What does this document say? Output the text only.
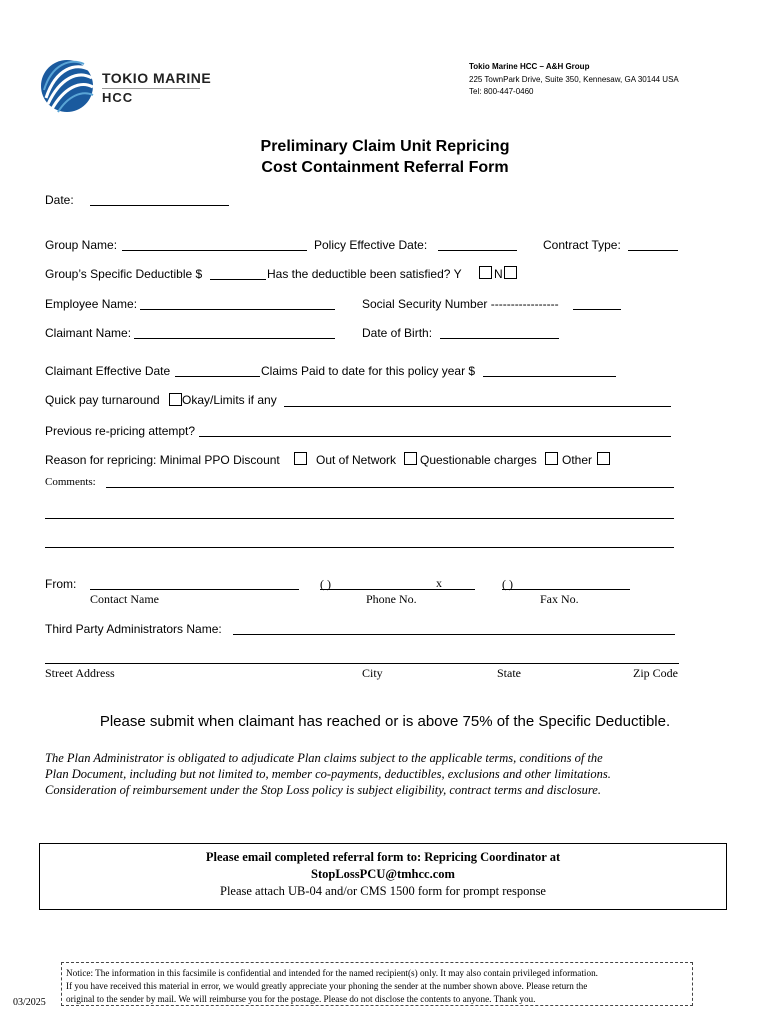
TOKIO MARINE
HCC
Tokio Marine HCC – A&H Group
225 TownPark Drive, Suite 350, Kennesaw, GA 30144 USA
Tel: 800-447-0460
Preliminary Claim Unit Repricing
Cost Containment Referral Form
Date:
Group Name:	Policy Effective Date:	Contract Type:
Group’s Specific Deductible $	Has the deductible been satisfied? Y	N
Employee Name:	Social Security Number -----------------
Claimant Name:	Date of Birth:
Claimant Effective Date	Claims Paid to date for this policy year $
Quick pay turnaround Okay/Limits if any
Previous re-pricing attempt?
Reason for repricing: Minimal PPO Discount	Out of Network Questionable charges Other
Comments:
From:	( )	x	( )
Contact Name	Phone No.	Fax No.
Third Party Administrators Name:
Street Address	City	State	Zip Code
Please submit when claimant has reached or is above 75% of the Specific Deductible.
The Plan Administrator is obligated to adjudicate Plan claims subject to the applicable terms, conditions of the
Plan Document, including but not limited to, member co-payments, deductibles, exclusions and other limitations.
Consideration of reimbursement under the Stop Loss policy is subject eligibility, contract terms and disclosure.
Please email completed referral form to: Repricing Coordinator at
StopLossPCU@tmhcc.com
Please attach UB-04 and/or CMS 1500 form for prompt response
Notice: The information in this facsimile is confidential and intended for the named recipient(s) only. It may also contain privileged information.
If you have received this material in error, we would greatly appreciate your phoning the sender at the number shown above. Please return the
original to the sender by mail. We will reimburse you for the postage. Please do not disclose the contents to anyone. Thank you.
03/2025
